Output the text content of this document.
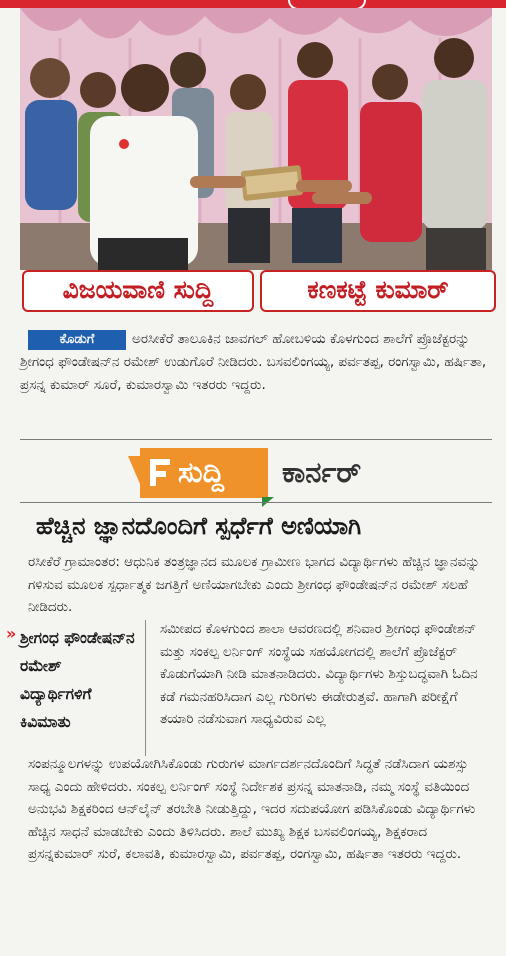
ವಿಜಯವಾಣಿ ಸುದ್ದಿ	ಕಣಕಟ್ಟೆ ಕುಮಾರ್

ಅರಸೀಕೆರೆ ತಾಲೂಕಿನ ಜಾವಗಲ್ ಹೋಬಳಿಯ ಕೊಳಗುಂದ ಶಾಲೆಗೆ ಪ್ರೊಜೆಕ್ಟರನ್ನು ಶ್ರೀಗಂಧ ಫೌಂಡೇಷನ್‌ನ ರಮೇಶ್ ಉಡುಗೊರೆ ನೀಡಿದರು. ಬಸವಲಿಂಗಯ್ಯ, ಪರ್ವತಪ್ಪ, ರಂಗಸ್ವಾಮಿ, ಹರ್ಷಿತಾ, ಪ್ರಸನ್ನ ಕುಮಾರ್ ಸೂರೆ, ಕುಮಾರಸ್ವಾಮಿ ಇತರರು ಇದ್ದರು.

ಕೊಡುಗೆ
ಸುದ್ದಿ ಕಾರ್ನರ್
ಹೆಚ್ಚಿನ ಜ್ಞಾನದೊಂದಿಗೆ ಸ್ಪರ್ಧೆಗೆ ಅಣಿಯಾಗಿ

ರಸೀಕೆರೆ ಗ್ರಾಮಾಂತರ: ಆಧುನಿಕ ತಂತ್ರಜ್ಞಾನದ ಮೂಲಕ ಗ್ರಾಮೀಣ ಭಾಗದ ವಿದ್ಯಾರ್ಥಿಗಳು ಹೆಚ್ಚಿನ ಜ್ಞಾನವನ್ನು ಗಳಿಸುವ ಮೂಲಕ ಸ್ಪರ್ಧಾತ್ಮಕ ಜಗತ್ತಿಗೆ ಅಣಿಯಾಗಬೇಕು ಎಂದು ಶ್ರೀಗಂಧ ಫೌಂಡೇಷನ್‌ನ ರಮೇಶ್ ಸಲಹೆ ನೀಡಿದರು.

» ಶ್ರೀಗಂಧ ಫೌಂಡೇಷನ್‌ನ ರಮೇಶ್ ವಿದ್ಯಾರ್ಥಿಗಳಿಗೆ ಕಿವಿಮಾತು

ಸಮೀಪದ ಕೊಳಗುಂದ ಶಾಲಾ ಆವರಣದಲ್ಲಿ ಶನಿವಾರ ಶ್ರೀಗಂಧ ಫೌಂಡೇಶನ್ ಮತ್ತು ಸಂಕಲ್ಪ ಲರ್ನಿಂಗ್ ಸಂಸ್ಥೆಯ ಸಹಯೋಗದಲ್ಲಿ ಶಾಲೆಗೆ ಪ್ರೊಜೆಕ್ಟರ್ ಕೊಡುಗೆಯಾಗಿ ನೀಡಿ ಮಾತನಾಡಿದರು. ವಿದ್ಯಾರ್ಥಿಗಳು ಶಿಸ್ತುಬದ್ಧವಾಗಿ ಓದಿನ ಕಡೆ ಗಮನಹರಿಸಿದಾಗ ಎಲ್ಲ ಗುರಿಗಳು ಈಡೇರುತ್ತವೆ. ಹಾಗಾಗಿ ಪರೀಕ್ಷೆಗೆ ತಯಾರಿ ನಡೆಸುವಾಗ ಸಾಧ್ಯವಿರುವ ಎಲ್ಲ

ಸಂಪನ್ಮೂಲಗಳನ್ನು ಉಪಯೋಗಿಸಿಕೊಂಡು ಗುರುಗಳ ಮಾರ್ಗದರ್ಶನದೊಂದಿಗೆ ಸಿದ್ಧತೆ ನಡೆಸಿದಾಗ ಯಶಸ್ಸು ಸಾಧ್ಯ ಎಂದು ಹೇಳಿದರು. ಸಂಕಲ್ಪ ಲರ್ನಿಂಗ್ ಸಂಸ್ಥೆ ನಿರ್ದೇಶಕ ಪ್ರಸನ್ನ ಮಾತನಾಡಿ, ನಮ್ಮ ಸಂಸ್ಥೆ ವತಿಯಿಂದ ಅನುಭವಿ ಶಿಕ್ಷಕರಿಂದ ಆನ್‌ಲೈನ್ ತರಬೇತಿ ನೀಡುತ್ತಿದ್ದು, ಇದರ ಸದುಪಯೋಗ ಪಡಿಸಿಕೊಂಡು ವಿದ್ಯಾರ್ಥಿಗಳು ಹೆಚ್ಚಿನ ಸಾಧನೆ ಮಾಡಬೇಕು ಎಂದು ತಿಳಿಸಿದರು. ಶಾಲೆ ಮುಖ್ಯ ಶಿಕ್ಷಕ ಬಸವಲಿಂಗಯ್ಯ, ಶಿಕ್ಷಕರಾದ ಪ್ರಸನ್ನಕುಮಾರ್ ಸುರೆ, ಕಲಾವತಿ, ಕುಮಾರಸ್ವಾಮಿ, ಪರ್ವತಪ್ಪ, ರಂಗಸ್ವಾಮಿ, ಹರ್ಷಿತಾ ಇತರರು ಇದ್ದರು.
